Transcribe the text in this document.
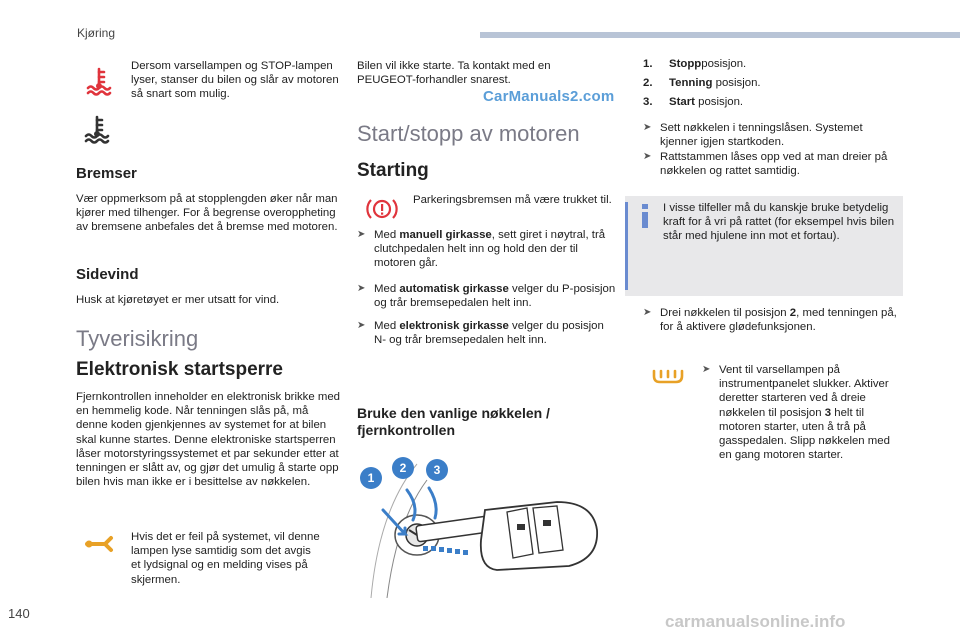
Kjøring
140
CarManuals2.com
carmanualsonline.info
Dersom varsellampen og STOP-lampen lyser, stanser du bilen og slår av motoren så snart som mulig.
Bremser
Vær oppmerksom på at stopplengden øker når man kjører med tilhenger. For å begrense overoppheting av bremsene anbefales det å bremse med motoren.
Sidevind
Husk at kjøretøyet er mer utsatt for vind.
Tyverisikring
Elektronisk startsperre
Fjernkontrollen inneholder en elektronisk brikke med en hemmelig kode. Når tenningen slås på, må denne koden gjenkjennes av systemet for at bilen skal kunne startes. Denne elektroniske startsperren låser motorstyringssystemet et par sekunder etter at tenningen er slått av, og gjør det umulig å starte opp bilen hvis man ikke er i besittelse av nøkkelen.
Hvis det er feil på systemet, vil denne lampen lyse samtidig som det avgis et lydsignal og en melding vises på skjermen.
Bilen vil ikke starte. Ta kontakt med en PEUGEOT-forhandler snarest.
Start/stopp av motoren
Starting
Parkeringsbremsen må være trukket til.
➤ Med manuell girkasse, sett giret i nøytral, trå clutchpedalen helt inn og hold den der til motoren går.
➤ Med automatisk girkasse velger du P-posisjon og trår bremsepedalen helt inn.
➤ Med elektronisk girkasse velger du posisjon N- og trår bremsepedalen helt inn.
Bruke den vanlige nøkkelen / fjernkontrollen
1
2 3
1. Stoppposisjon.
2. Tenning posisjon.
3. Start posisjon.
➤ Sett nøkkelen i tenningslåsen. Systemet kjenner igjen startkoden.
➤ Rattstammen låses opp ved at man dreier på nøkkelen og rattet samtidig.
I visse tilfeller må du kanskje bruke betydelig kraft for å vri på rattet (for eksempel hvis bilen står med hjulene inn mot et fortau).
➤ Drei nøkkelen til posisjon 2, med tenningen på, for å aktivere glødefunksjonen.
➤ Vent til varsellampen på instrumentpanelet slukker. Aktiver deretter starteren ved å dreie nøkkelen til posisjon 3 helt til motoren starter, uten å trå på gasspedalen. Slipp nøkkelen med en gang motoren starter.
